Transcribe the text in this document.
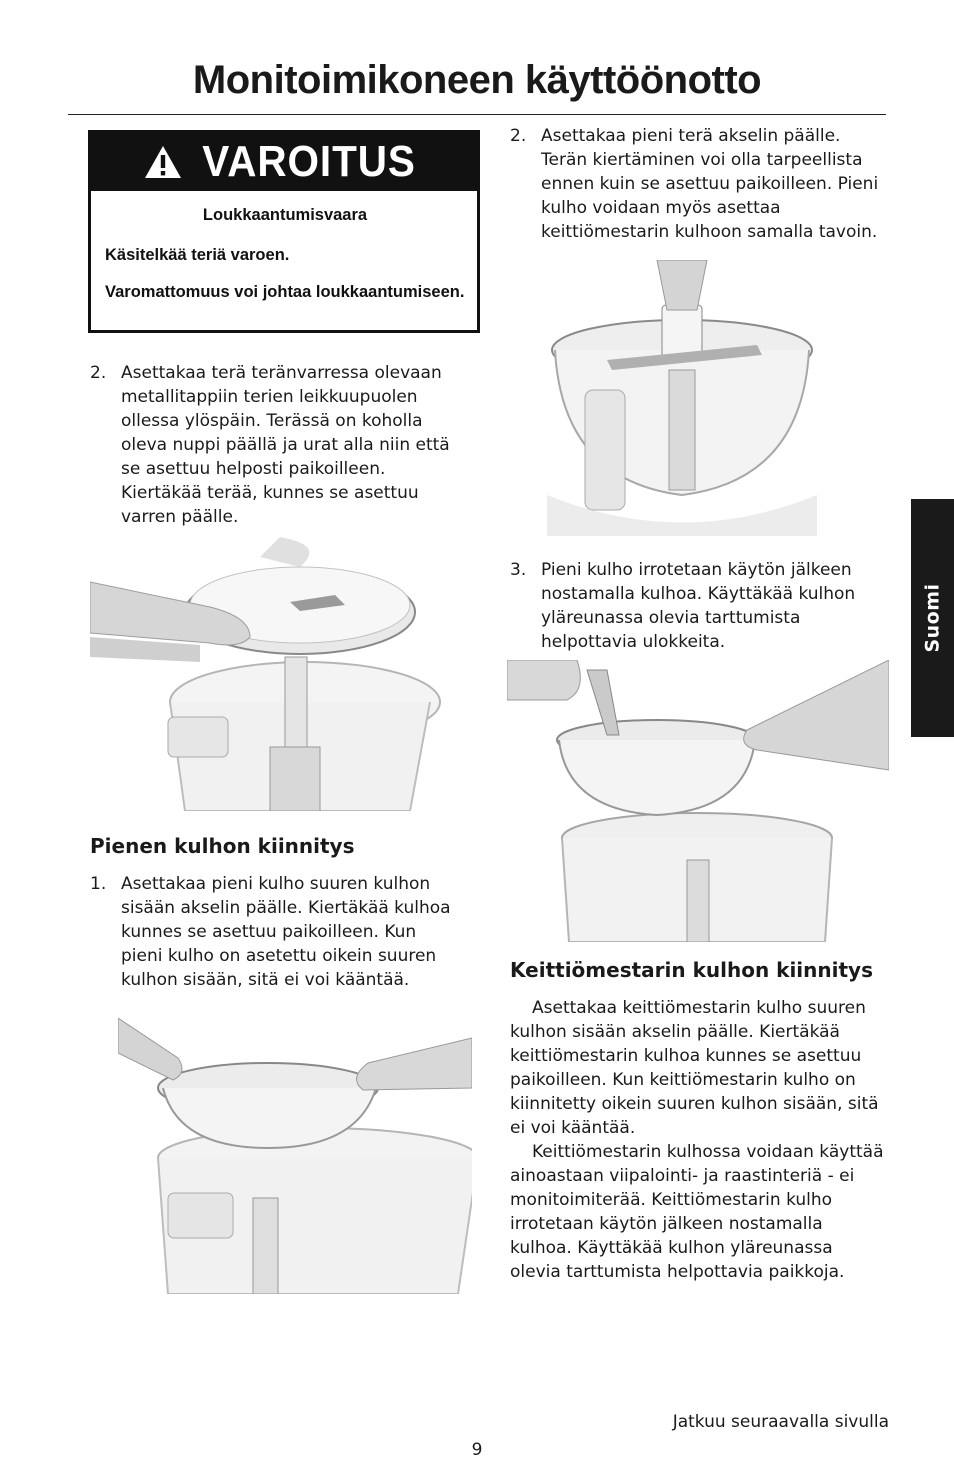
Monitoimikoneen käyttöönotto
VAROITUS

Loukkaantumisvaara

Käsitelkää teriä varoen.

Varomattomuus voi johtaa loukkaantumiseen.

2. Asettakaa terä teränvarressa olevaan metallitappiin terien leikkuupuolen ollessa ylöspäin. Terässä on koholla oleva nuppi päällä ja urat alla niin että se asettuu helposti paikoilleen. Kiertäkää terää, kunnes se asettuu varren päälle.

Pienen kulhon kiinnitys
1. Asettakaa pieni kulho suuren kulhon sisään akselin päälle. Kiertäkää kulhoa kunnes se asettuu paikoilleen. Kun pieni kulho on asetettu oikein suuren kulhon sisään, sitä ei voi kääntää.

2. Asettakaa pieni terä akselin päälle. Terän kiertäminen voi olla tarpeellista ennen kuin se asettuu paikoilleen. Pieni kulho voidaan myös asettaa keittiömestarin kulhoon samalla tavoin.

3. Pieni kulho irrotetaan käytön jälkeen nostamalla kulhoa. Käyttäkää kulhon yläreunassa olevia tarttumista helpottavia ulokkeita.

Keittiömestarin kulhon kiinnitys

Asettakaa keittiömestarin kulho suuren kulhon sisään akselin päälle. Kiertäkää keittiömestarin kulhoa kunnes se asettuu paikoilleen. Kun keittiömestarin kulho on kiinnitetty oikein suuren kulhon sisään, sitä ei voi kääntää.

Keittiömestarin kulhossa voidaan käyttää ainoastaan viipalointi- ja raastinteriä - ei monitoimiterää. Keittiömestarin kulho irrotetaan käytön jälkeen nostamalla kulhoa. Käyttäkää kulhon yläreunassa olevia tarttumista helpottavia paikkoja.

Suomi
Jatkuu seuraavalla sivulla
9
